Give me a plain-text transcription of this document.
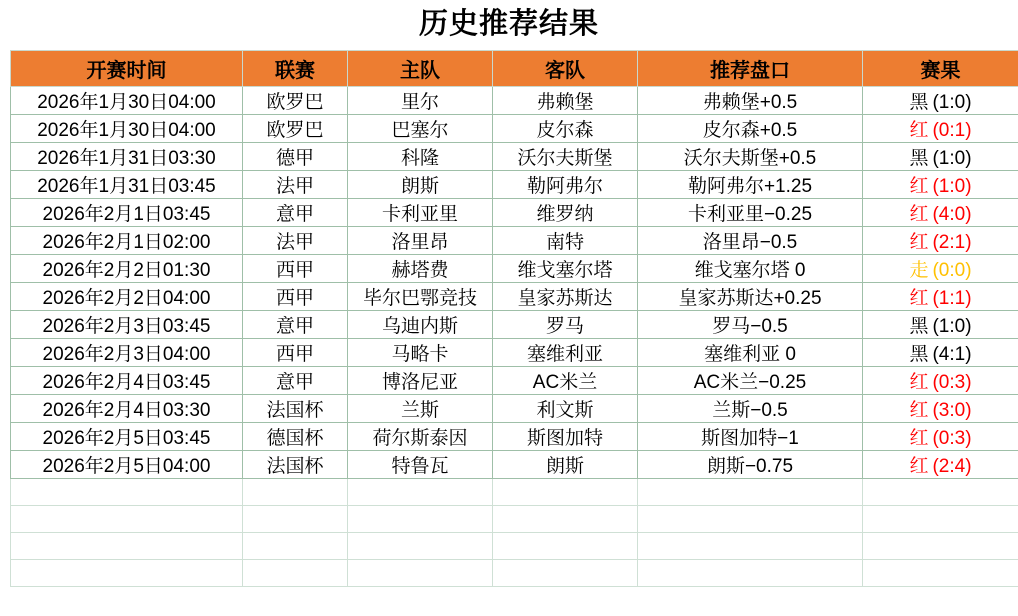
历史推荐结果
开赛时间	联赛	主队	客队	推荐盘口	赛果
2026年1月30日04:00	欧罗巴	里尔	弗赖堡	弗赖堡+0.5	黑 (1:0)
2026年1月30日04:00	欧罗巴	巴塞尔	皮尔森	皮尔森+0.5	红 (0:1)
2026年1月31日03:30	德甲	科隆	沃尔夫斯堡	沃尔夫斯堡+0.5	黑 (1:0)
2026年1月31日03:45	法甲	朗斯	勒阿弗尔	勒阿弗尔+1.25	红 (1:0)
2026年2月1日03:45	意甲	卡利亚里	维罗纳	卡利亚里−0.25	红 (4:0)
2026年2月1日02:00	法甲	洛里昂	南特	洛里昂−0.5	红 (2:1)
2026年2月2日01:30	西甲	赫塔费	维戈塞尔塔	维戈塞尔塔 0	走 (0:0)
2026年2月2日04:00	西甲	毕尔巴鄂竞技	皇家苏斯达	皇家苏斯达+0.25	红 (1:1)
2026年2月3日03:45	意甲	乌迪内斯	罗马	罗马−0.5	黑 (1:0)
2026年2月3日04:00	西甲	马略卡	塞维利亚	塞维利亚 0	黑 (4:1)
2026年2月4日03:45	意甲	博洛尼亚	AC米兰	AC米兰−0.25	红 (0:3)
2026年2月4日03:30	法国杯	兰斯	利文斯	兰斯−0.5	红 (3:0)
2026年2月5日03:45	德国杯	荷尔斯泰因	斯图加特	斯图加特−1	红 (0:3)
2026年2月5日04:00	法国杯	特鲁瓦	朗斯	朗斯−0.75	红 (2:4)
